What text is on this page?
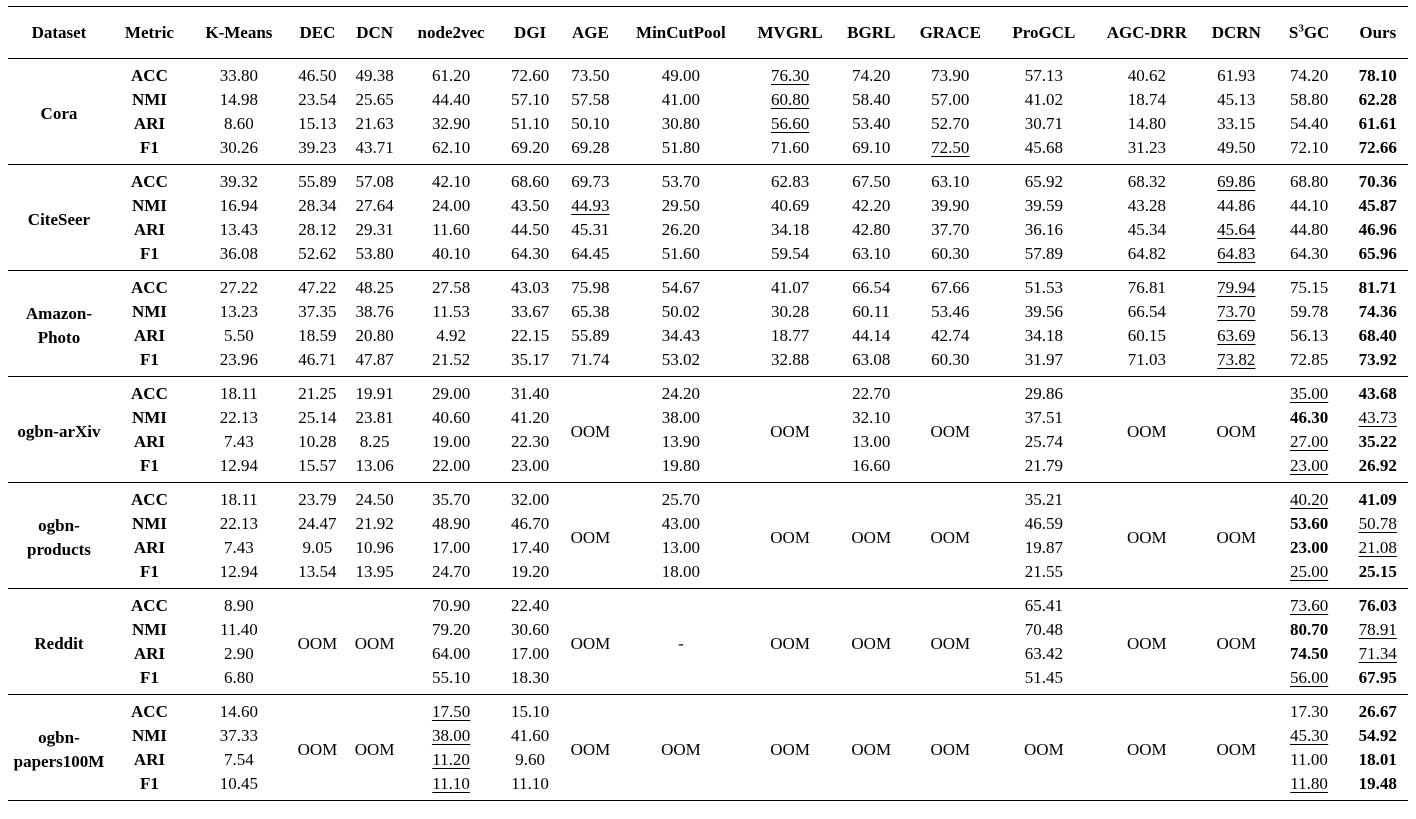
Dataset	Metric	K-Means	DEC	DCN	node2vec	DGI	AGE	MinCutPool	MVGRL	BGRL	GRACE	ProGCL	AGC-DRR	DCRN	$S^3GC$	Ours
Cora	ACC	33.80	46.50	49.38	61.20	72.60	73.50	49.00	76.30	74.20	73.90	57.13	40.62	61.93	74.20	78.10
	NMI	14.98	23.54	25.65	44.40	57.10	57.58	41.00	60.80	58.40	57.00	41.02	18.74	45.13	58.80	62.28
	ARI	8.60	15.13	21.63	32.90	51.10	50.10	30.80	56.60	53.40	52.70	30.71	14.80	33.15	54.40	61.61
	F1	30.26	39.23	43.71	62.10	69.20	69.28	51.80	71.60	69.10	72.50	45.68	31.23	49.50	72.10	72.66
CiteSeer	ACC	39.32	55.89	57.08	42.10	68.60	69.73	53.70	62.83	67.50	63.10	65.92	68.32	69.86	68.80	70.36
	NMI	16.94	28.34	27.64	24.00	43.50	44.93	29.50	40.69	42.20	39.90	39.59	43.28	44.86	44.10	45.87
	ARI	13.43	28.12	29.31	11.60	44.50	45.31	26.20	34.18	42.80	37.70	36.16	45.34	45.64	44.80	46.96
	F1	36.08	52.62	53.80	40.10	64.30	64.45	51.60	59.54	63.10	60.30	57.89	64.82	64.83	64.30	65.96
Amazon-Photo	ACC	27.22	47.22	48.25	27.58	43.03	75.98	54.67	41.07	66.54	67.66	51.53	76.81	79.94	75.15	81.71
	NMI	13.23	37.35	38.76	11.53	33.67	65.38	50.02	30.28	60.11	53.46	39.56	66.54	73.70	59.78	74.36
	ARI	5.50	18.59	20.80	4.92	22.15	55.89	34.43	18.77	44.14	42.74	34.18	60.15	63.69	56.13	68.40
	F1	23.96	46.71	47.87	21.52	35.17	71.74	53.02	32.88	63.08	60.30	31.97	71.03	73.82	72.85	73.92
ogbn-arXiv	ACC	18.11	21.25	19.91	29.00	31.40	OOM	24.20	OOM	22.70	OOM	29.86	OOM	OOM	35.00	43.68
	NMI	22.13	25.14	23.81	40.60	41.20		38.00		32.10		37.51			46.30	43.73
	ARI	7.43	10.28	8.25	19.00	22.30		13.90		13.00		25.74			27.00	35.22
	F1	12.94	15.57	13.06	22.00	23.00		19.80		16.60		21.79			23.00	26.92
ogbn-products	ACC	18.11	23.79	24.50	35.70	32.00	OOM	25.70	OOM	OOM	OOM	35.21	OOM	OOM	40.20	41.09
	NMI	22.13	24.47	21.92	48.90	46.70		43.00				46.59			53.60	50.78
	ARI	7.43	9.05	10.96	17.00	17.40		13.00				19.87			23.00	21.08
	F1	12.94	13.54	13.95	24.70	19.20		18.00				21.55			25.00	25.15
Reddit	ACC	8.90	OOM	OOM	70.90	22.40	OOM	-	OOM	OOM	OOM	65.41	OOM	OOM	73.60	76.03
	NMI	11.40			79.20	30.60						70.48			80.70	78.91
	ARI	2.90			64.00	17.00						63.42			74.50	71.34
	F1	6.80			55.10	18.30						51.45			56.00	67.95
ogbn-papers100M	ACC	14.60	OOM	OOM	17.50	15.10	OOM	OOM	OOM	OOM	OOM	OOM	OOM	OOM	17.30	26.67
	NMI	37.33			38.00	41.60									45.30	54.92
	ARI	7.54			11.20	9.60									11.00	18.01
	F1	10.45			11.10	11.10									11.80	19.48
